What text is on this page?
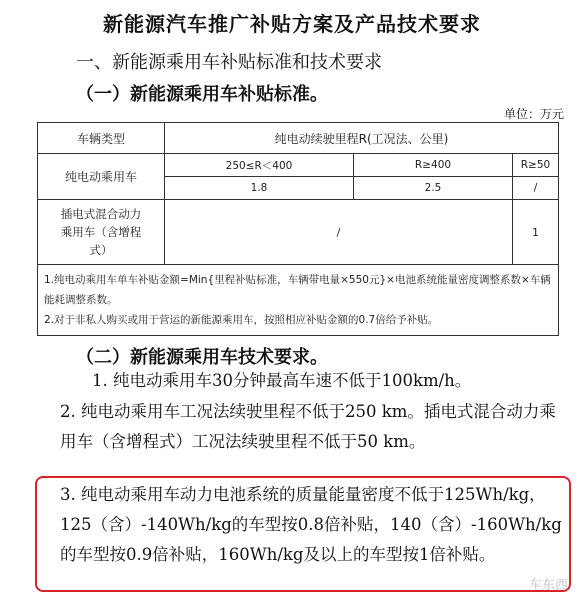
新能源汽车推广补贴方案及产品技术要求
一、新能源乘用车补贴标准和技术要求
（一）新能源乘用车补贴标准。
单位：万元
车辆类型	纯电动续驶里程R(工况法、公里)		
纯电动乘用车	250≤R＜400	R≥400	R≥50
	1.8	2.5	/
插电式混合动力
乘用车（含增程
式）	/		1

1.纯电动乘用车单车补贴金额=Min{里程补贴标准，车辆带电量×550元}×电池系统能量密度调整系数×车辆能耗调整系数。
2.对于非私人购买或用于营运的新能源乘用车，按照相应补贴金额的0.7倍给予补贴。			
（二）新能源乘用车技术要求。
1. 纯电动乘用车30分钟最高车速不低于100km/h。
2. 纯电动乘用车工况法续驶里程不低于250 km。插电式混合动力乘用车（含增程式）工况法续驶里程不低于50 km。
3. 纯电动乘用车动力电池系统的质量能量密度不低于125Wh/kg，125（含）-140Wh/kg的车型按0.8倍补贴，140（含）-160Wh/kg的车型按0.9倍补贴，160Wh/kg及以上的车型按1倍补贴。
车东西
